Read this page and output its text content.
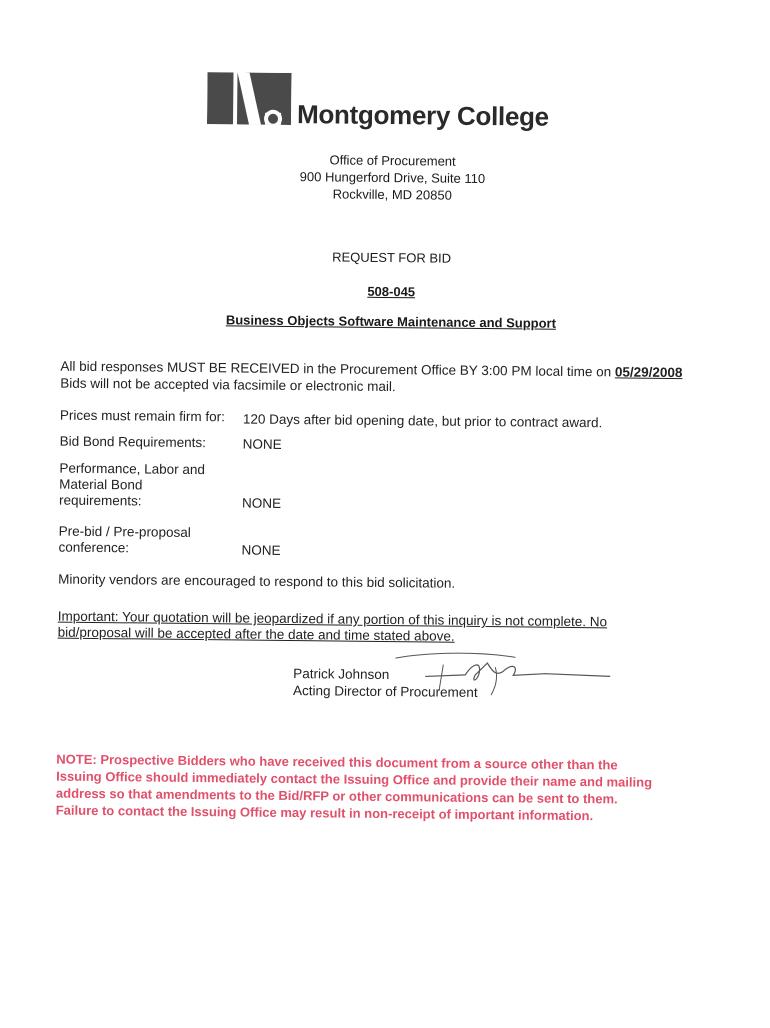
Montgomery College
Office of Procurement
900 Hungerford Drive, Suite 110
Rockville, MD 20850
REQUEST FOR BID
508-045
Business Objects Software Maintenance and Support
All bid responses MUST BE RECEIVED in the Procurement Office BY 3:00 PM local time on 05/29/2008
Bids will not be accepted via facsimile or electronic mail.
Prices must remain firm for: 120 Days after bid opening date, but prior to contract award.
Bid Bond Requirements:	NONE
Performance, Labor and
Material Bond
requirements:	NONE
Pre-bid / Pre-proposal
conference:	NONE
Minority vendors are encouraged to respond to this bid solicitation.
Important: Your quotation will be jeopardized if any portion of this inquiry is not complete. No
bid/proposal will be accepted after the date and time stated above.
Patrick Johnson
Acting Director of Procurement
NOTE: Prospective Bidders who have received this document from a source other than the
Issuing Office should immediately contact the Issuing Office and provide their name and mailing
address so that amendments to the Bid/RFP or other communications can be sent to them.
Failure to contact the Issuing Office may result in non-receipt of important information.
